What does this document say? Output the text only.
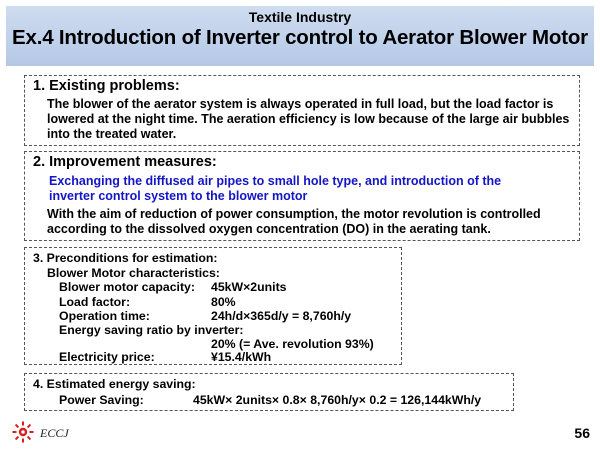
Textile Industry
Ex.4 Introduction of Inverter control to Aerator Blower Motor
1. Existing problems:
The blower of the aerator system is always operated in full load, but the load factor is lowered at the night time. The aeration efficiency is low because of the large air bubbles into the treated water.
2. Improvement measures:
Exchanging the diffused air pipes to small hole type, and introduction of the inverter control system to the blower motor
With the aim of reduction of power consumption, the motor revolution is controlled according to the dissolved oxygen concentration (DO) in the aerating tank.
3. Preconditions for estimation:
Blower Motor characteristics:
Blower motor capacity: 45kW×2units
Load factor:	80%
Operation time:	24h/d×365d/y = 8,760h/y
Energy saving ratio by inverter:
20% (= Ave. revolution 93%)
Electricity price:	¥15.4/kWh
4. Estimated energy saving:
Power Saving:	45kW× 2units× 0.8× 8,760h/y× 0.2 = 126,144kWh/y
ECCJ	56
